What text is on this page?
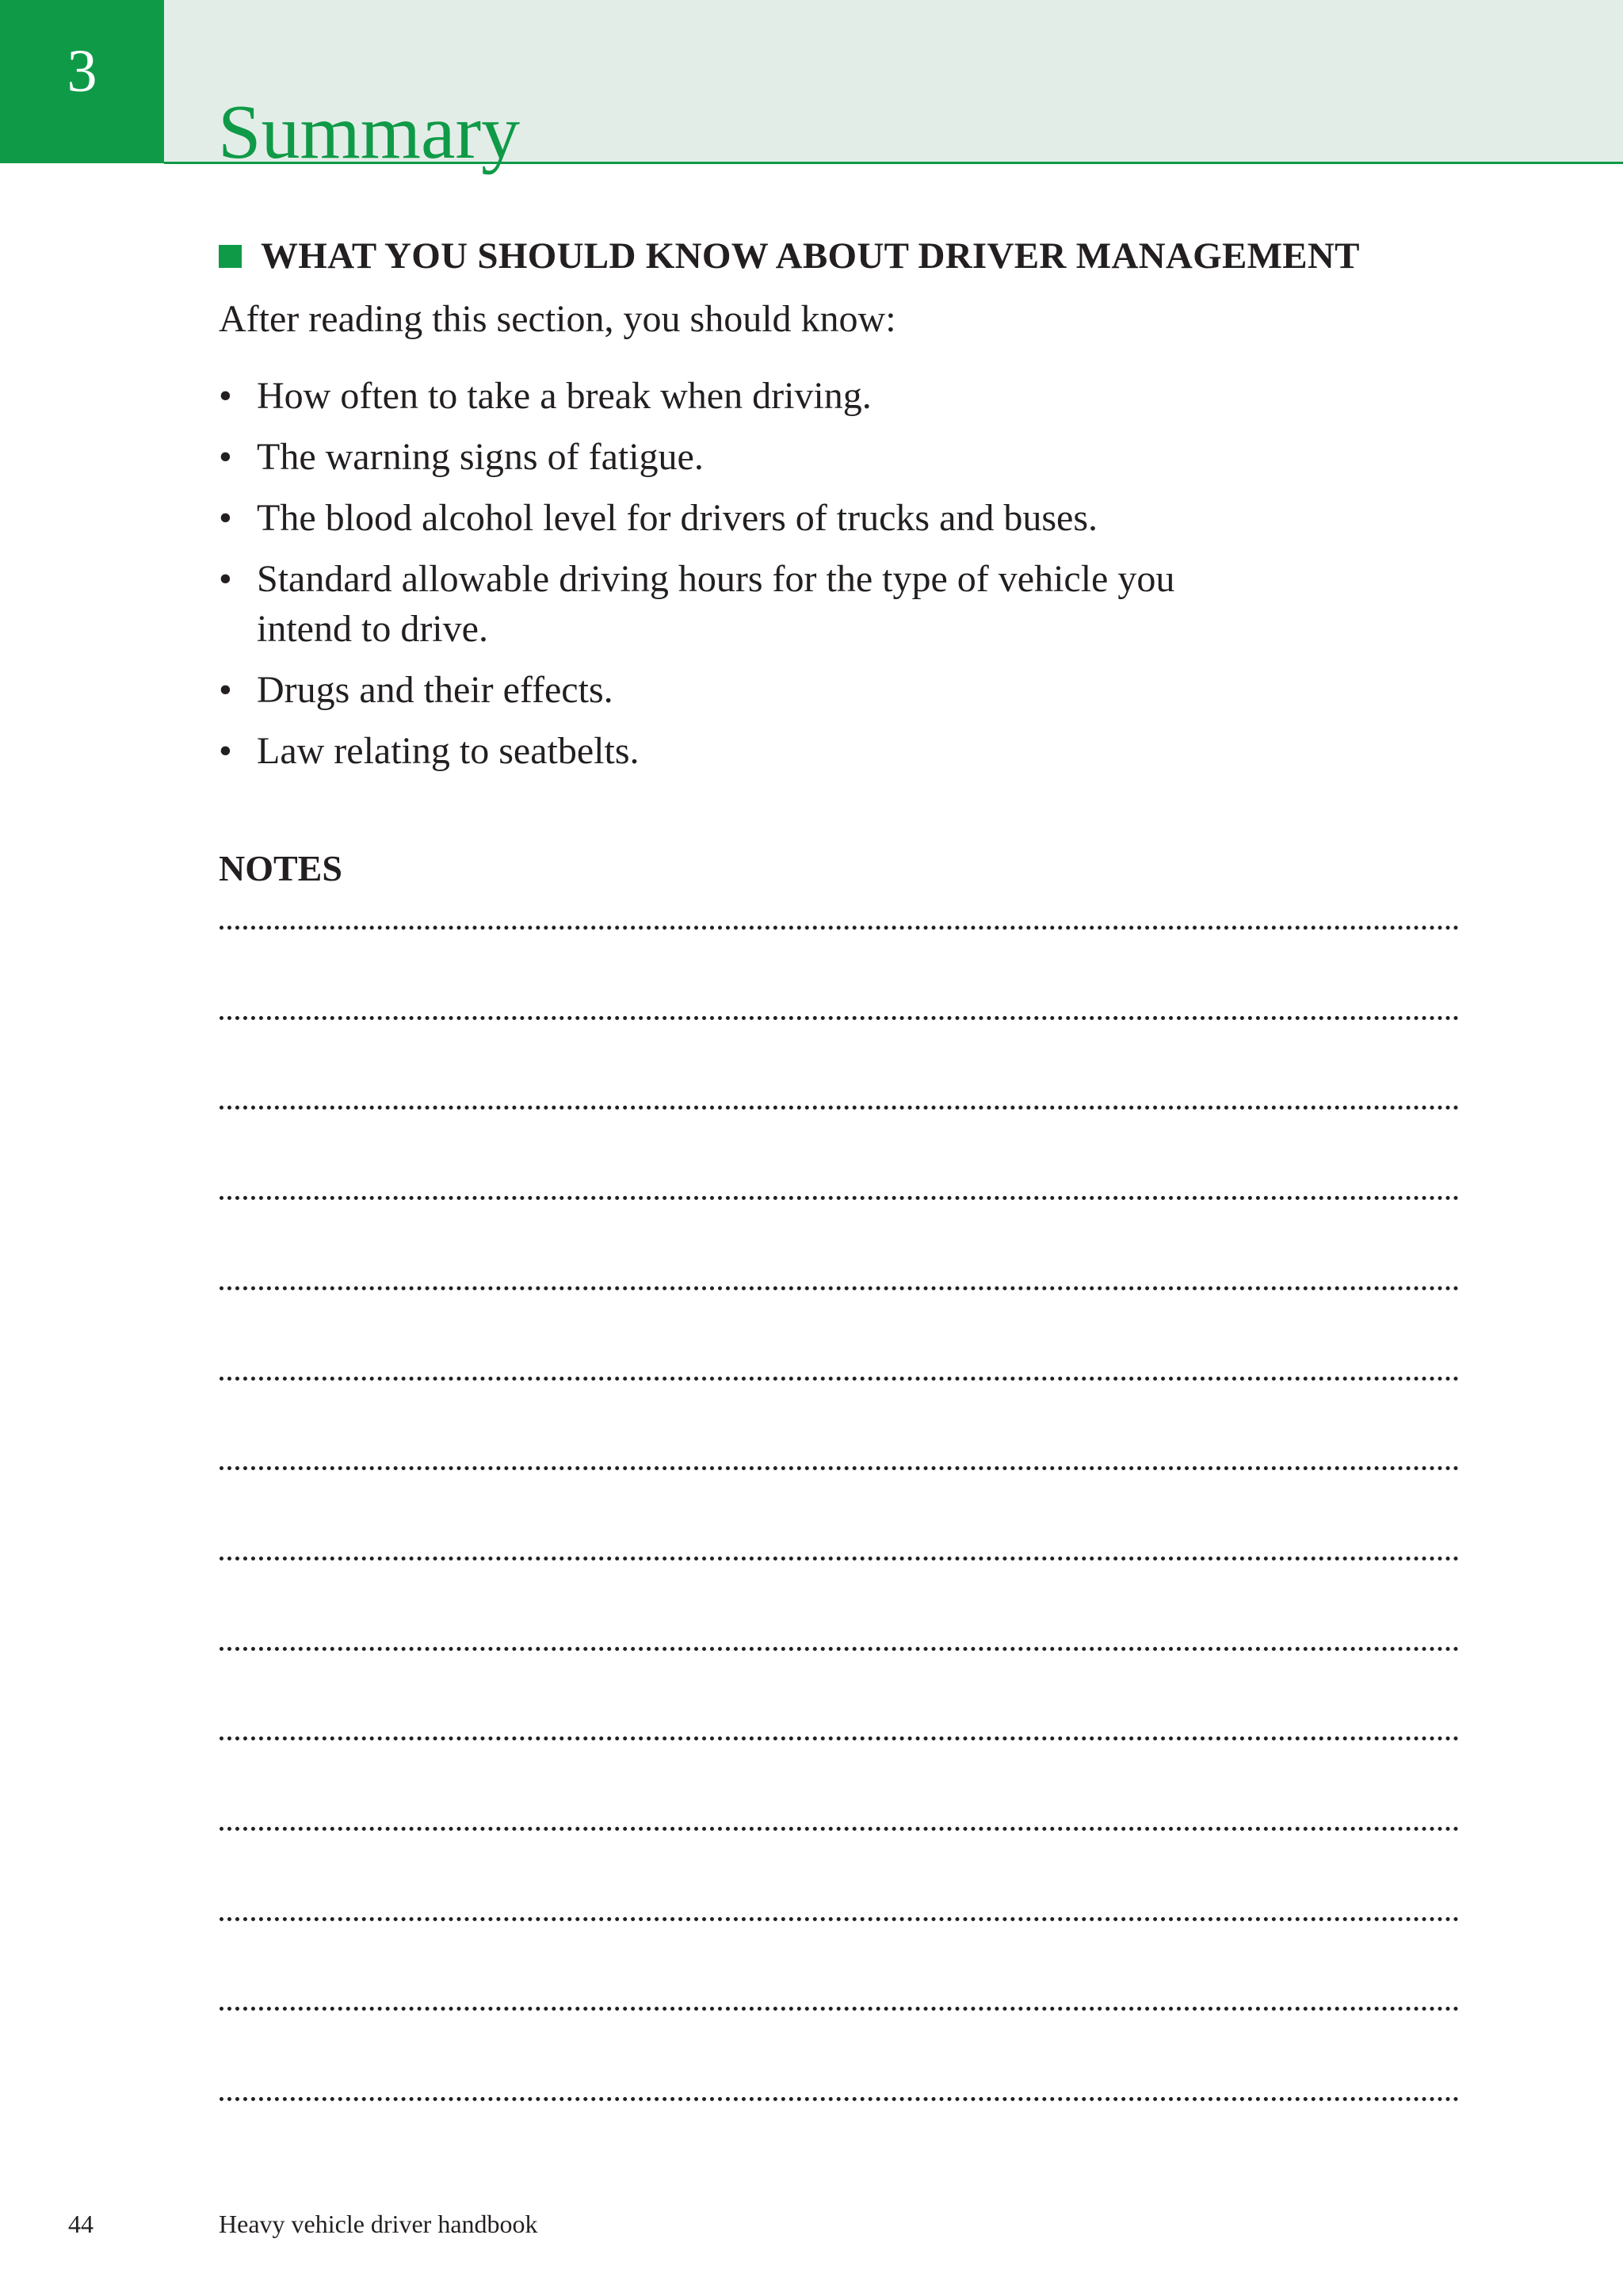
3
Summary
WHAT YOU SHOULD KNOW ABOUT DRIVER MANAGEMENT
After reading this section, you should know:
• How often to take a break when driving.
• The warning signs of fatigue.
• The blood alcohol level for drivers of trucks and buses.
• Standard allowable driving hours for the type of vehicle you intend to drive.
• Drugs and their effects.
• Law relating to seatbelts.
NOTES
44	Heavy vehicle driver handbook
